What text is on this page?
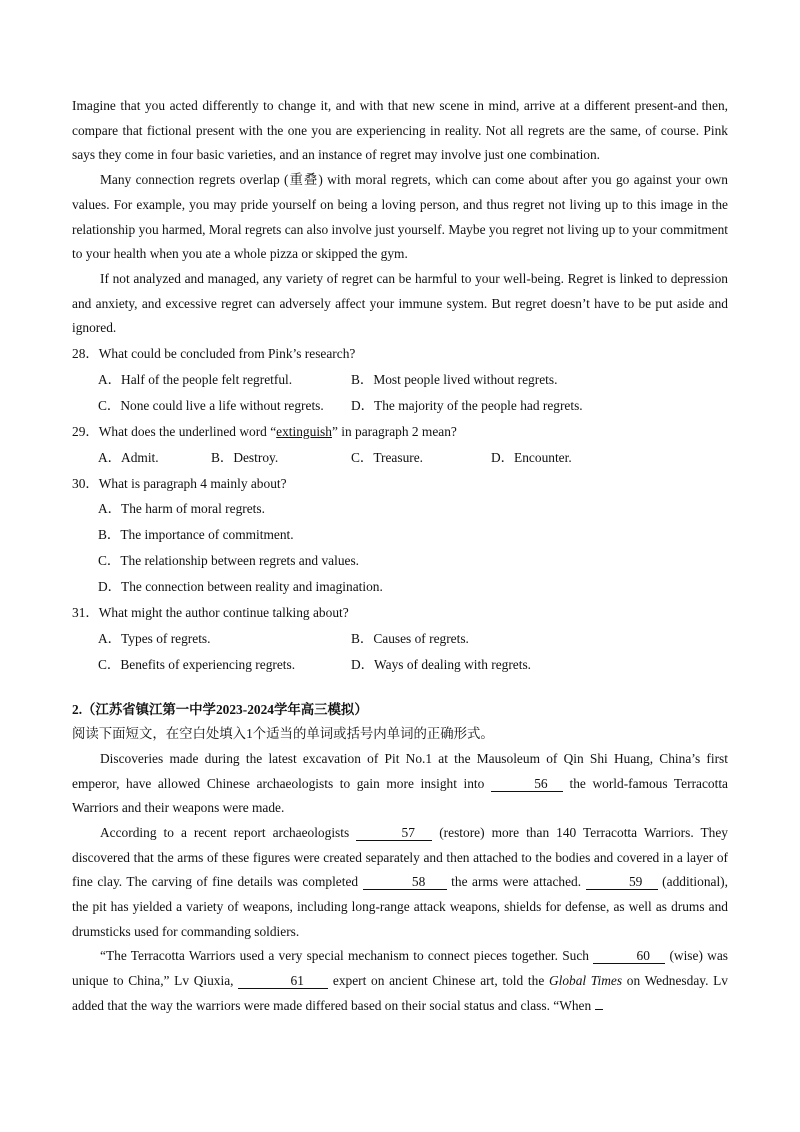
Imagine that you acted differently to change it, and with that new scene in mind, arrive at a different present-and then, compare that fictional present with the one you are experiencing in reality. Not all regrets are the same, of course. Pink says they come in four basic varieties, and an instance of regret may involve just one combination.

Many connection regrets overlap (重叠) with moral regrets, which can come about after you go against your own values. For example, you may pride yourself on being a loving person, and thus regret not living up to this image in the relationship you harmed, Moral regrets can also involve just yourself. Maybe you regret not living up to your commitment to your health when you ate a whole pizza or skipped the gym.

If not analyzed and managed, any variety of regret can be harmful to your well-being. Regret is linked to depression and anxiety, and excessive regret can adversely affect your immune system. But regret doesn’t have to be put aside and ignored.

28．What could be concluded from Pink’s research?

A．Half of the people felt regretful.	B．Most people lived without regrets.
C．None could live a life without regrets.	D．The majority of the people had regrets.

29．What does the underlined word “extinguish” in paragraph 2 mean?

A．Admit.	B．Destroy.	C．Treasure.	D．Encounter.

30．What is paragraph 4 mainly about?

A．The harm of moral regrets.
B．The importance of commitment.
C．The relationship between regrets and values.
D．The connection between reality and imagination.

31．What might the author continue talking about?

A．Types of regrets.	B．Causes of regrets.
C．Benefits of experiencing regrets.	D．Ways of dealing with regrets.
2.（江苏省镇江第一中学2023-2024学年高三模拟）
阅读下面短文，在空白处填入1个适当的单词或括号内单词的正确形式。

Discoveries made during the latest excavation of Pit No.1 at the Mausoleum of Qin Shi Huang, China’s first emperor, have allowed Chinese archaeologists to gain more insight into	56 the world-famous Terracotta Warriors and their weapons were made.

According to a recent report archaeologists	57 (restore) more than 140 Terracotta Warriors. They discovered that the arms of these figures were created separately and then attached to the bodies and covered in a layer of fine clay. The carving of fine details was completed	58 the arms were attached.	59 (additional), the pit has yielded a variety of weapons, including long-range attack weapons, shields for defense, as well as drums and drumsticks used for commanding soldiers.

“The Terracotta Warriors used a very special mechanism to connect pieces together. Such	60 (wise) was unique to China,” Lv Qiuxia,	61 expert on ancient Chinese art, told the Global Times on Wednesday. Lv added that the way the warriors were made differed based on their social status and class. “When
